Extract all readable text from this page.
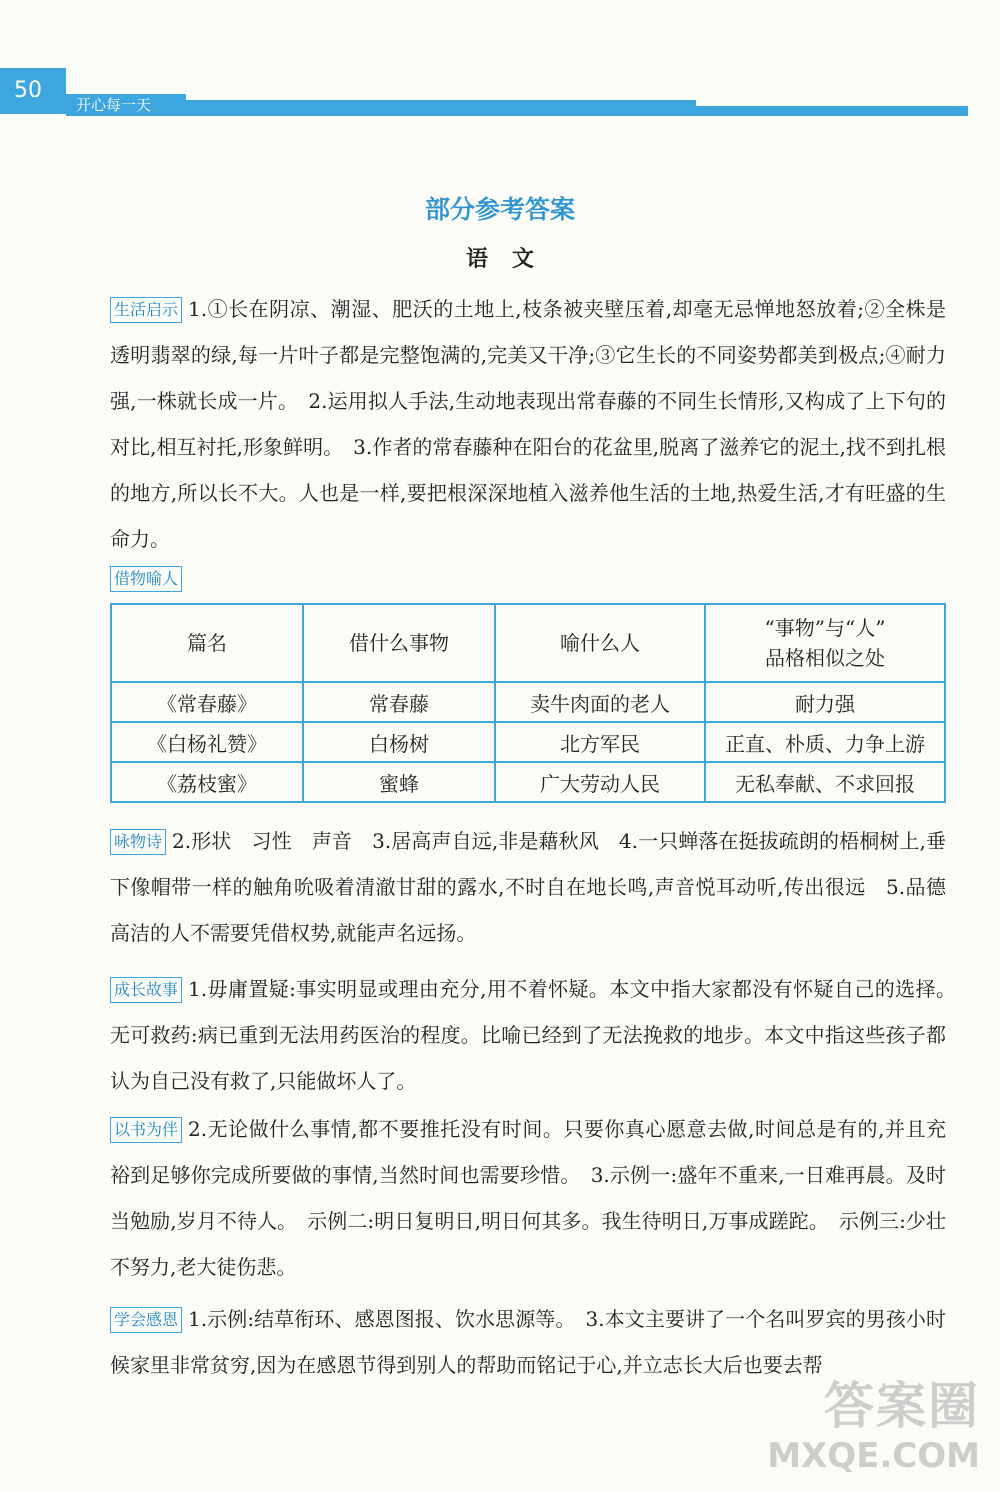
50
开心每一天
部分参考答案
语文
生活启示 1.①长在阴凉、潮湿、肥沃的土地上,枝条被夹壁压着,却毫无忌惮地怒放着;②全株是透明翡翠的绿,每一片叶子都是完整饱满的,完美又干净;③它生长的不同姿势都美到极点;④耐力强,一株就长成一片。　2.运用拟人手法,生动地表现出常春藤的不同生长情形,又构成了上下句的对比,相互衬托,形象鲜明。　3.作者的常春藤种在阳台的花盆里,脱离了滋养它的泥土,找不到扎根的地方,所以长不大。人也是一样,要把根深深地植入滋养他生活的土地,热爱生活,才有旺盛的生命力。
借物喻人
篇名	借什么事物	喻什么人	“事物”与“人”
品格相似之处
《常春藤》	常春藤	卖牛肉面的老人	耐力强
《白杨礼赞》	白杨树	北方军民	正直、朴质、力争上游
《荔枝蜜》	蜜蜂	广大劳动人民	无私奉献、不求回报
咏物诗 2.形状　习性　声音　3.居高声自远,非是藉秋风　4.一只蝉落在挺拔疏朗的梧桐树上,垂下像帽带一样的触角吮吸着清澈甘甜的露水,不时自在地长鸣,声音悦耳动听,传出很远　5.品德高洁的人不需要凭借权势,就能声名远扬。
成长故事 1.毋庸置疑:事实明显或理由充分,用不着怀疑。本文中指大家都没有怀疑自己的选择。　无可救药:病已重到无法用药医治的程度。比喻已经到了无法挽救的地步。本文中指这些孩子都认为自己没有救了,只能做坏人了。
以书为伴 2.无论做什么事情,都不要推托没有时间。只要你真心愿意去做,时间总是有的,并且充裕到足够你完成所要做的事情,当然时间也需要珍惜。　3.示例一:盛年不重来,一日难再晨。及时当勉励,岁月不待人。　示例二:明日复明日,明日何其多。我生待明日,万事成蹉跎。　示例三:少壮不努力,老大徒伤悲。
学会感恩 1.示例:结草衔环、感恩图报、饮水思源等。　3.本文主要讲了一个名叫罗宾的男孩小时候家里非常贫穷,因为在感恩节得到别人的帮助而铭记于心,并立志长大后也要去帮
答案圈
MXQE.COM
